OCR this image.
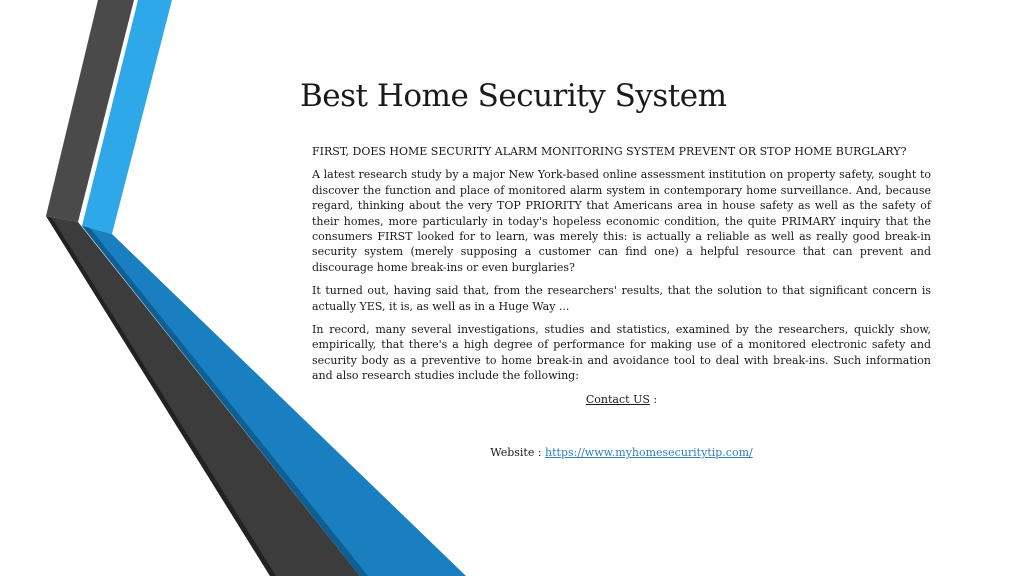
Best Home Security System

FIRST, DOES HOME SECURITY ALARM MONITORING SYSTEM PREVENT OR STOP HOME BURGLARY?

A latest research study by a major New York-based online assessment institution on property safety, sought to discover the function and place of monitored alarm system in contemporary home surveillance. And, because regard, thinking about the very TOP PRIORITY that Americans area in house safety as well as the safety of their homes, more particularly in today's hopeless economic condition, the quite PRIMARY inquiry that the consumers FIRST looked for to learn, was merely this: is actually a reliable as well as really good break-in security system (merely supposing a customer can find one) a helpful resource that can prevent and discourage home break-ins or even burglaries?

It turned out, having said that, from the researchers' results, that the solution to that significant concern is actually YES, it is, as well as in a Huge Way ...

In record, many several investigations, studies and statistics, examined by the researchers, quickly show, empirically, that there's a high degree of performance for making use of a monitored electronic safety and security body as a preventive to home break-in and avoidance tool to deal with break-ins. Such information and also research studies include the following:

Contact US :
Website : https://www.myhomesecuritytip.com/
